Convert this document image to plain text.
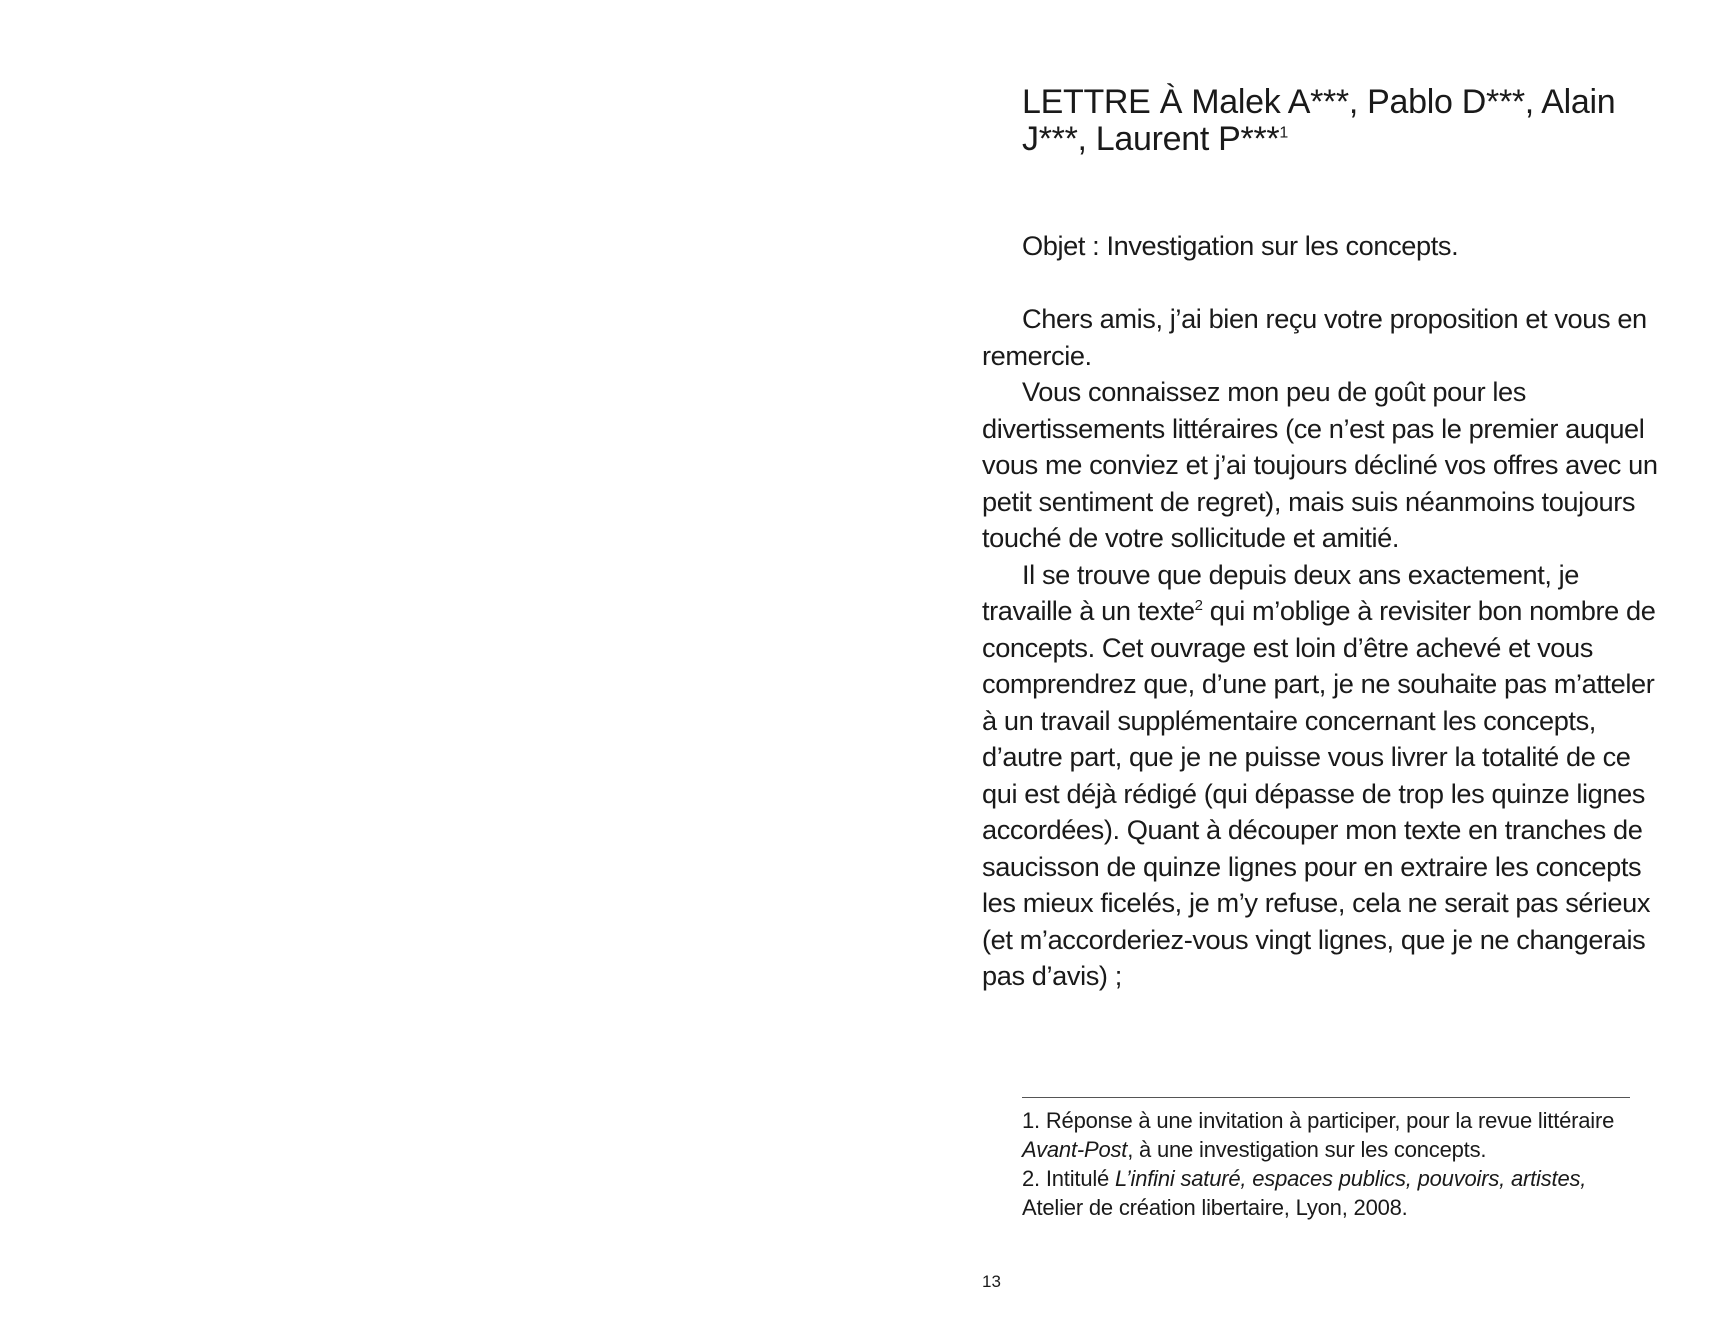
LETTRE À Malek A***, Pablo D***, Alain J***, Laurent P***$^1$

Objet : Investigation sur les concepts.

Chers amis, j’ai bien reçu votre proposition et vous en remercie.

Vous connaissez mon peu de goût pour les divertissements littéraires (ce n’est pas le premier auquel vous me conviez et j’ai toujours décliné vos offres avec un petit sentiment de regret), mais suis néanmoins toujours touché de votre sollicitude et amitié.

Il se trouve que depuis deux ans exactement, je travaille à un texte$^2$ qui m’oblige à revisiter bon nombre de concepts. Cet ouvrage est loin d’être achevé et vous comprendrez que, d’une part, je ne souhaite pas m’atteler à un travail supplémentaire concernant les concepts, d’autre part, que je ne puisse vous livrer la totalité de ce qui est déjà rédigé (qui dépasse de trop les quinze lignes accordées). Quant à découper mon texte en tranches de saucisson de quinze lignes pour en extraire les concepts les mieux ficelés, je m’y refuse, cela ne serait pas sérieux (et m’accorderiez-vous vingt lignes, que je ne changerais pas d’avis) ;

1. Réponse à une invitation à participer, pour la revue littéraire Avant-Post, à une investigation sur les concepts.

2. Intitulé L’infini saturé, espaces publics, pouvoirs, artistes, Atelier de création libertaire, Lyon, 2008.

13
